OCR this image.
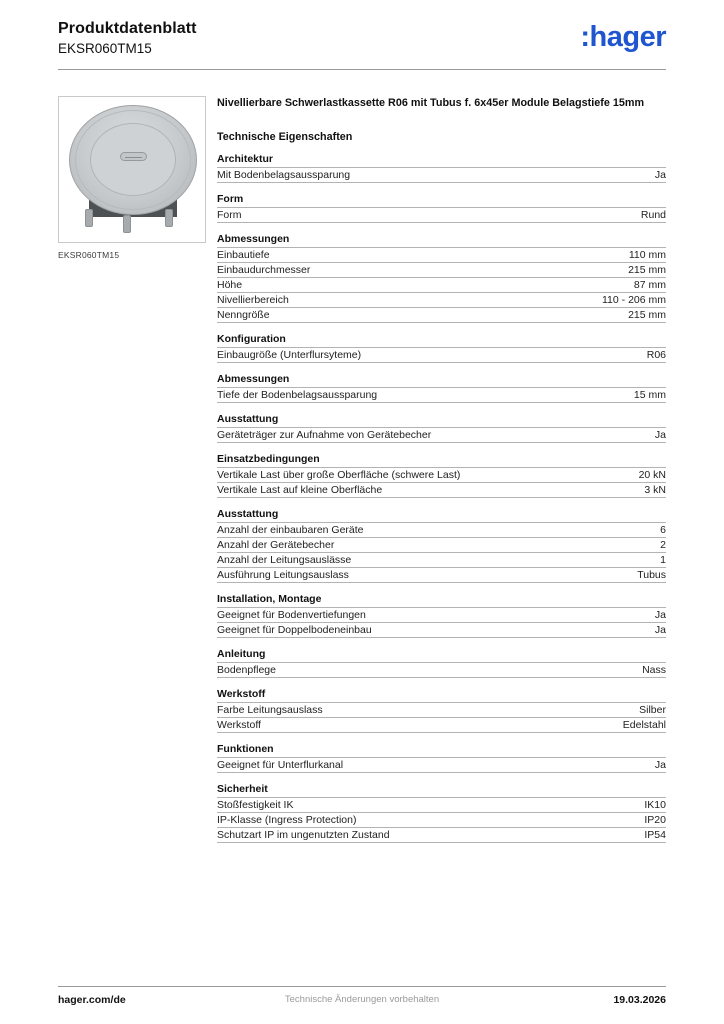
Produktdatenblatt
EKSR060TM15	:hager
EKSR060TM15
Nivellierbare Schwerlastkassette R06 mit Tubus f. 6x45er Module Belagstiefe 15mm
Technische Eigenschaften
Architektur
Mit Bodenbelagsaussparung	Ja
Form
Form	Rund
Abmessungen
Einbautiefe	110 mm
Einbaudurchmesser	215 mm
Höhe	87 mm
Nivellierbereich	110 - 206 mm
Nenngröße	215 mm
Konfiguration
Einbaugröße (Unterflursyteme)	R06
Abmessungen
Tiefe der Bodenbelagsaussparung	15 mm
Ausstattung
Geräteträger zur Aufnahme von Gerätebecher	Ja
Einsatzbedingungen
Vertikale Last über große Oberfläche (schwere Last)	20 kN
Vertikale Last auf kleine Oberfläche	3 kN
Ausstattung
Anzahl der einbaubaren Geräte	6
Anzahl der Gerätebecher	2
Anzahl der Leitungsauslässe	1
Ausführung Leitungsauslass	Tubus
Installation, Montage
Geeignet für Bodenvertiefungen	Ja
Geeignet für Doppelbodeneinbau	Ja
Anleitung
Bodenpflege	Nass
Werkstoff
Farbe Leitungsauslass	Silber
Werkstoff	Edelstahl
Funktionen
Geeignet für Unterflurkanal	Ja
Sicherheit
Stoßfestigkeit IK	IK10
IP-Klasse (Ingress Protection)	IP20
Schutzart IP im ungenutzten Zustand	IP54
hager.com/de	Technische Änderungen vorbehalten	19.03.2026
